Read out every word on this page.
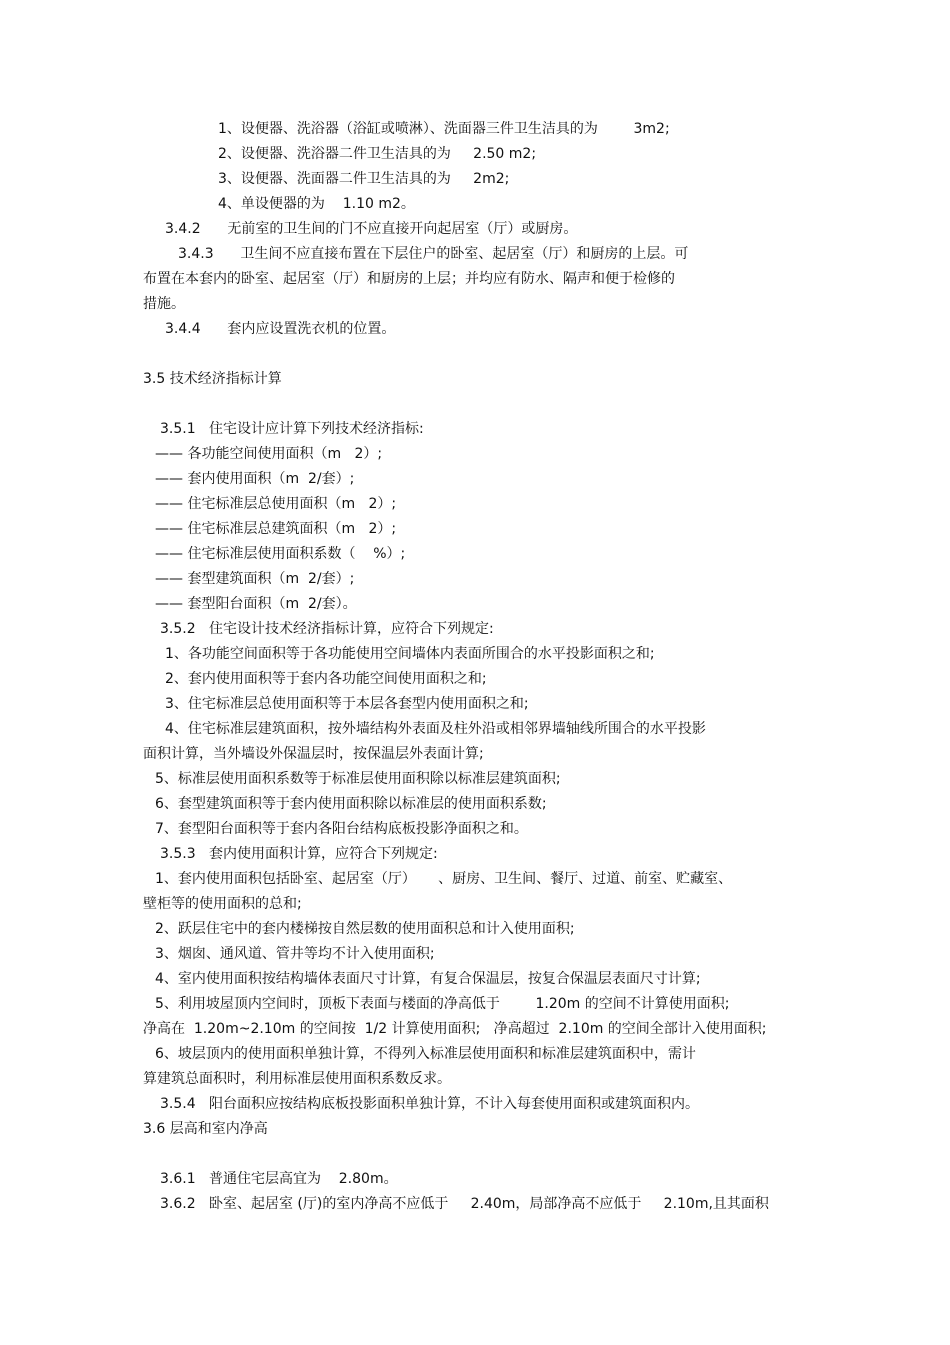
1、设便器、洗浴器（浴缸或喷淋）、洗面器三件卫生洁具的为        3m2;

2、设便器、洗浴器二件卫生洁具的为     2.50 m2;

3、设便器、洗面器二件卫生洁具的为     2m2;

4、单设便器的为    1.10 m2。

3.4.2      无前室的卫生间的门不应直接开向起居室（厅）或厨房。

3.4.3      卫生间不应直接布置在下层住户的卧室、起居室（厅）和厨房的上层。可

布置在本套内的卧室、起居室（厅）和厨房的上层；并均应有防水、隔声和便于检修的

措施。

3.4.4      套内应设置洗衣机的位置。

3.5 技术经济指标计算

3.5.1   住宅设计应计算下列技术经济指标:

—— 各功能空间使用面积（m   2）;

—— 套内使用面积（m  2/套）;

—— 住宅标准层总使用面积（m   2）;

—— 住宅标准层总建筑面积（m   2）;

—— 住宅标准层使用面积系数（    %）;

—— 套型建筑面积（m  2/套）;

—— 套型阳台面积（m  2/套）。

3.5.2   住宅设计技术经济指标计算，应符合下列规定:

1、各功能空间面积等于各功能使用空间墙体内表面所围合的水平投影面积之和;

2、套内使用面积等于套内各功能空间使用面积之和;

3、住宅标准层总使用面积等于本层各套型内使用面积之和;

4、住宅标准层建筑面积，按外墙结构外表面及柱外沿或相邻界墙轴线所围合的水平投影

面积计算，当外墙设外保温层时，按保温层外表面计算;

5、标准层使用面积系数等于标准层使用面积除以标准层建筑面积;

6、套型建筑面积等于套内使用面积除以标准层的使用面积系数;

7、套型阳台面积等于套内各阳台结构底板投影净面积之和。

3.5.3   套内使用面积计算，应符合下列规定:

1、套内使用面积包括卧室、起居室（厅）     、厨房、卫生间、餐厅、过道、前室、贮藏室、

壁柜等的使用面积的总和;

2、跃层住宅中的套内楼梯按自然层数的使用面积总和计入使用面积;

3、烟囱、通风道、管井等均不计入使用面积;

4、室内使用面积按结构墙体表面尺寸计算，有复合保温层，按复合保温层表面尺寸计算;

5、利用坡屋顶内空间时，顶板下表面与楼面的净高低于        1.20m 的空间不计算使用面积;

净高在  1.20m~2.10m 的空间按  1/2 计算使用面积;   净高超过  2.10m 的空间全部计入使用面积;

6、坡层顶内的使用面积单独计算，不得列入标准层使用面积和标准层建筑面积中，需计

算建筑总面积时，利用标准层使用面积系数反求。

3.5.4   阳台面积应按结构底板投影面积单独计算，不计入每套使用面积或建筑面积内。

3.6 层高和室内净高

3.6.1   普通住宅层高宜为    2.80m。

3.6.2   卧室、起居室 (厅)的室内净高不应低于     2.40m，局部净高不应低于     2.10m,且其面积
